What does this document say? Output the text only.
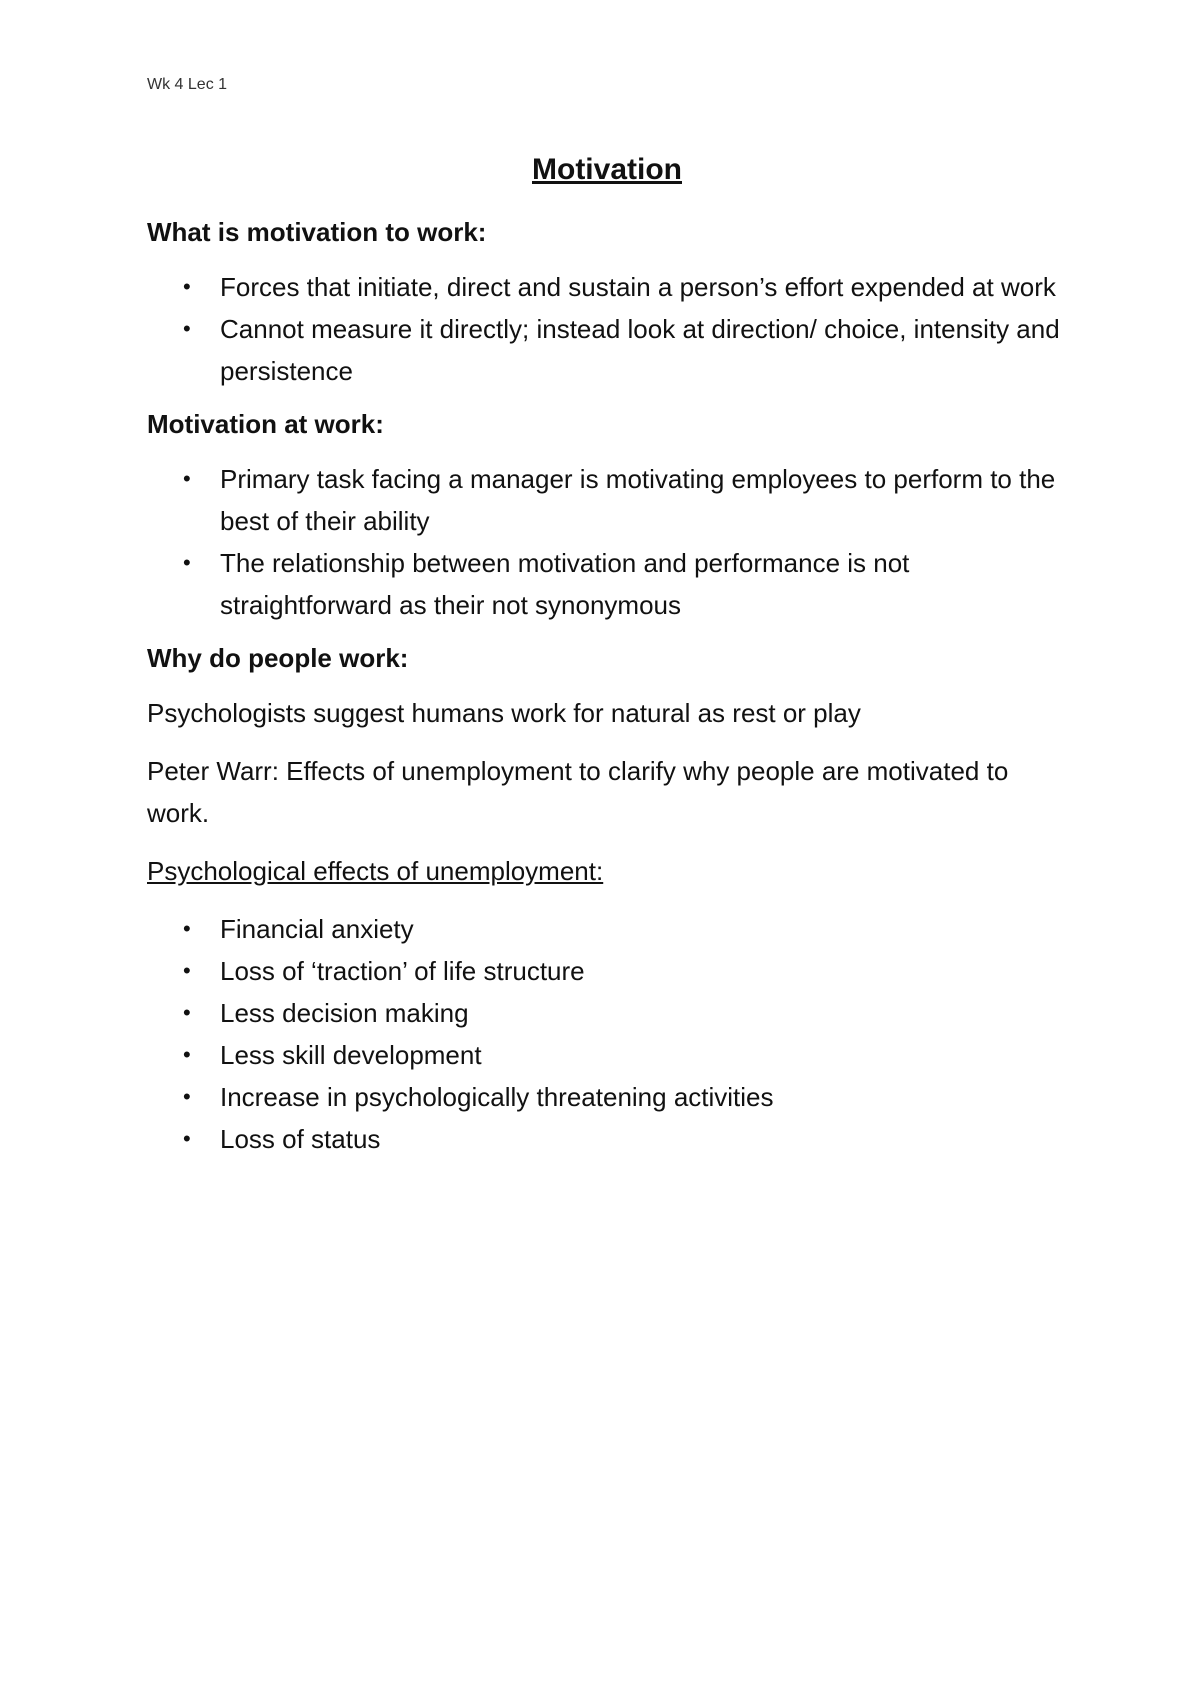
Wk 4 Lec 1
Motivation
What is motivation to work:
• Forces that initiate, direct and sustain a person’s effort expended at work
• Cannot measure it directly; instead look at direction/ choice, intensity and persistence
Motivation at work:
• Primary task facing a manager is motivating employees to perform to the best of their ability
• The relationship between motivation and performance is not straightforward as their not synonymous
Why do people work:
Psychologists suggest humans work for natural as rest or play
Peter Warr: Effects of unemployment to clarify why people are motivated to work.
Psychological effects of unemployment:
• Financial anxiety
• Loss of ‘traction’ of life structure
• Less decision making
• Less skill development
• Increase in psychologically threatening activities
• Loss of status
